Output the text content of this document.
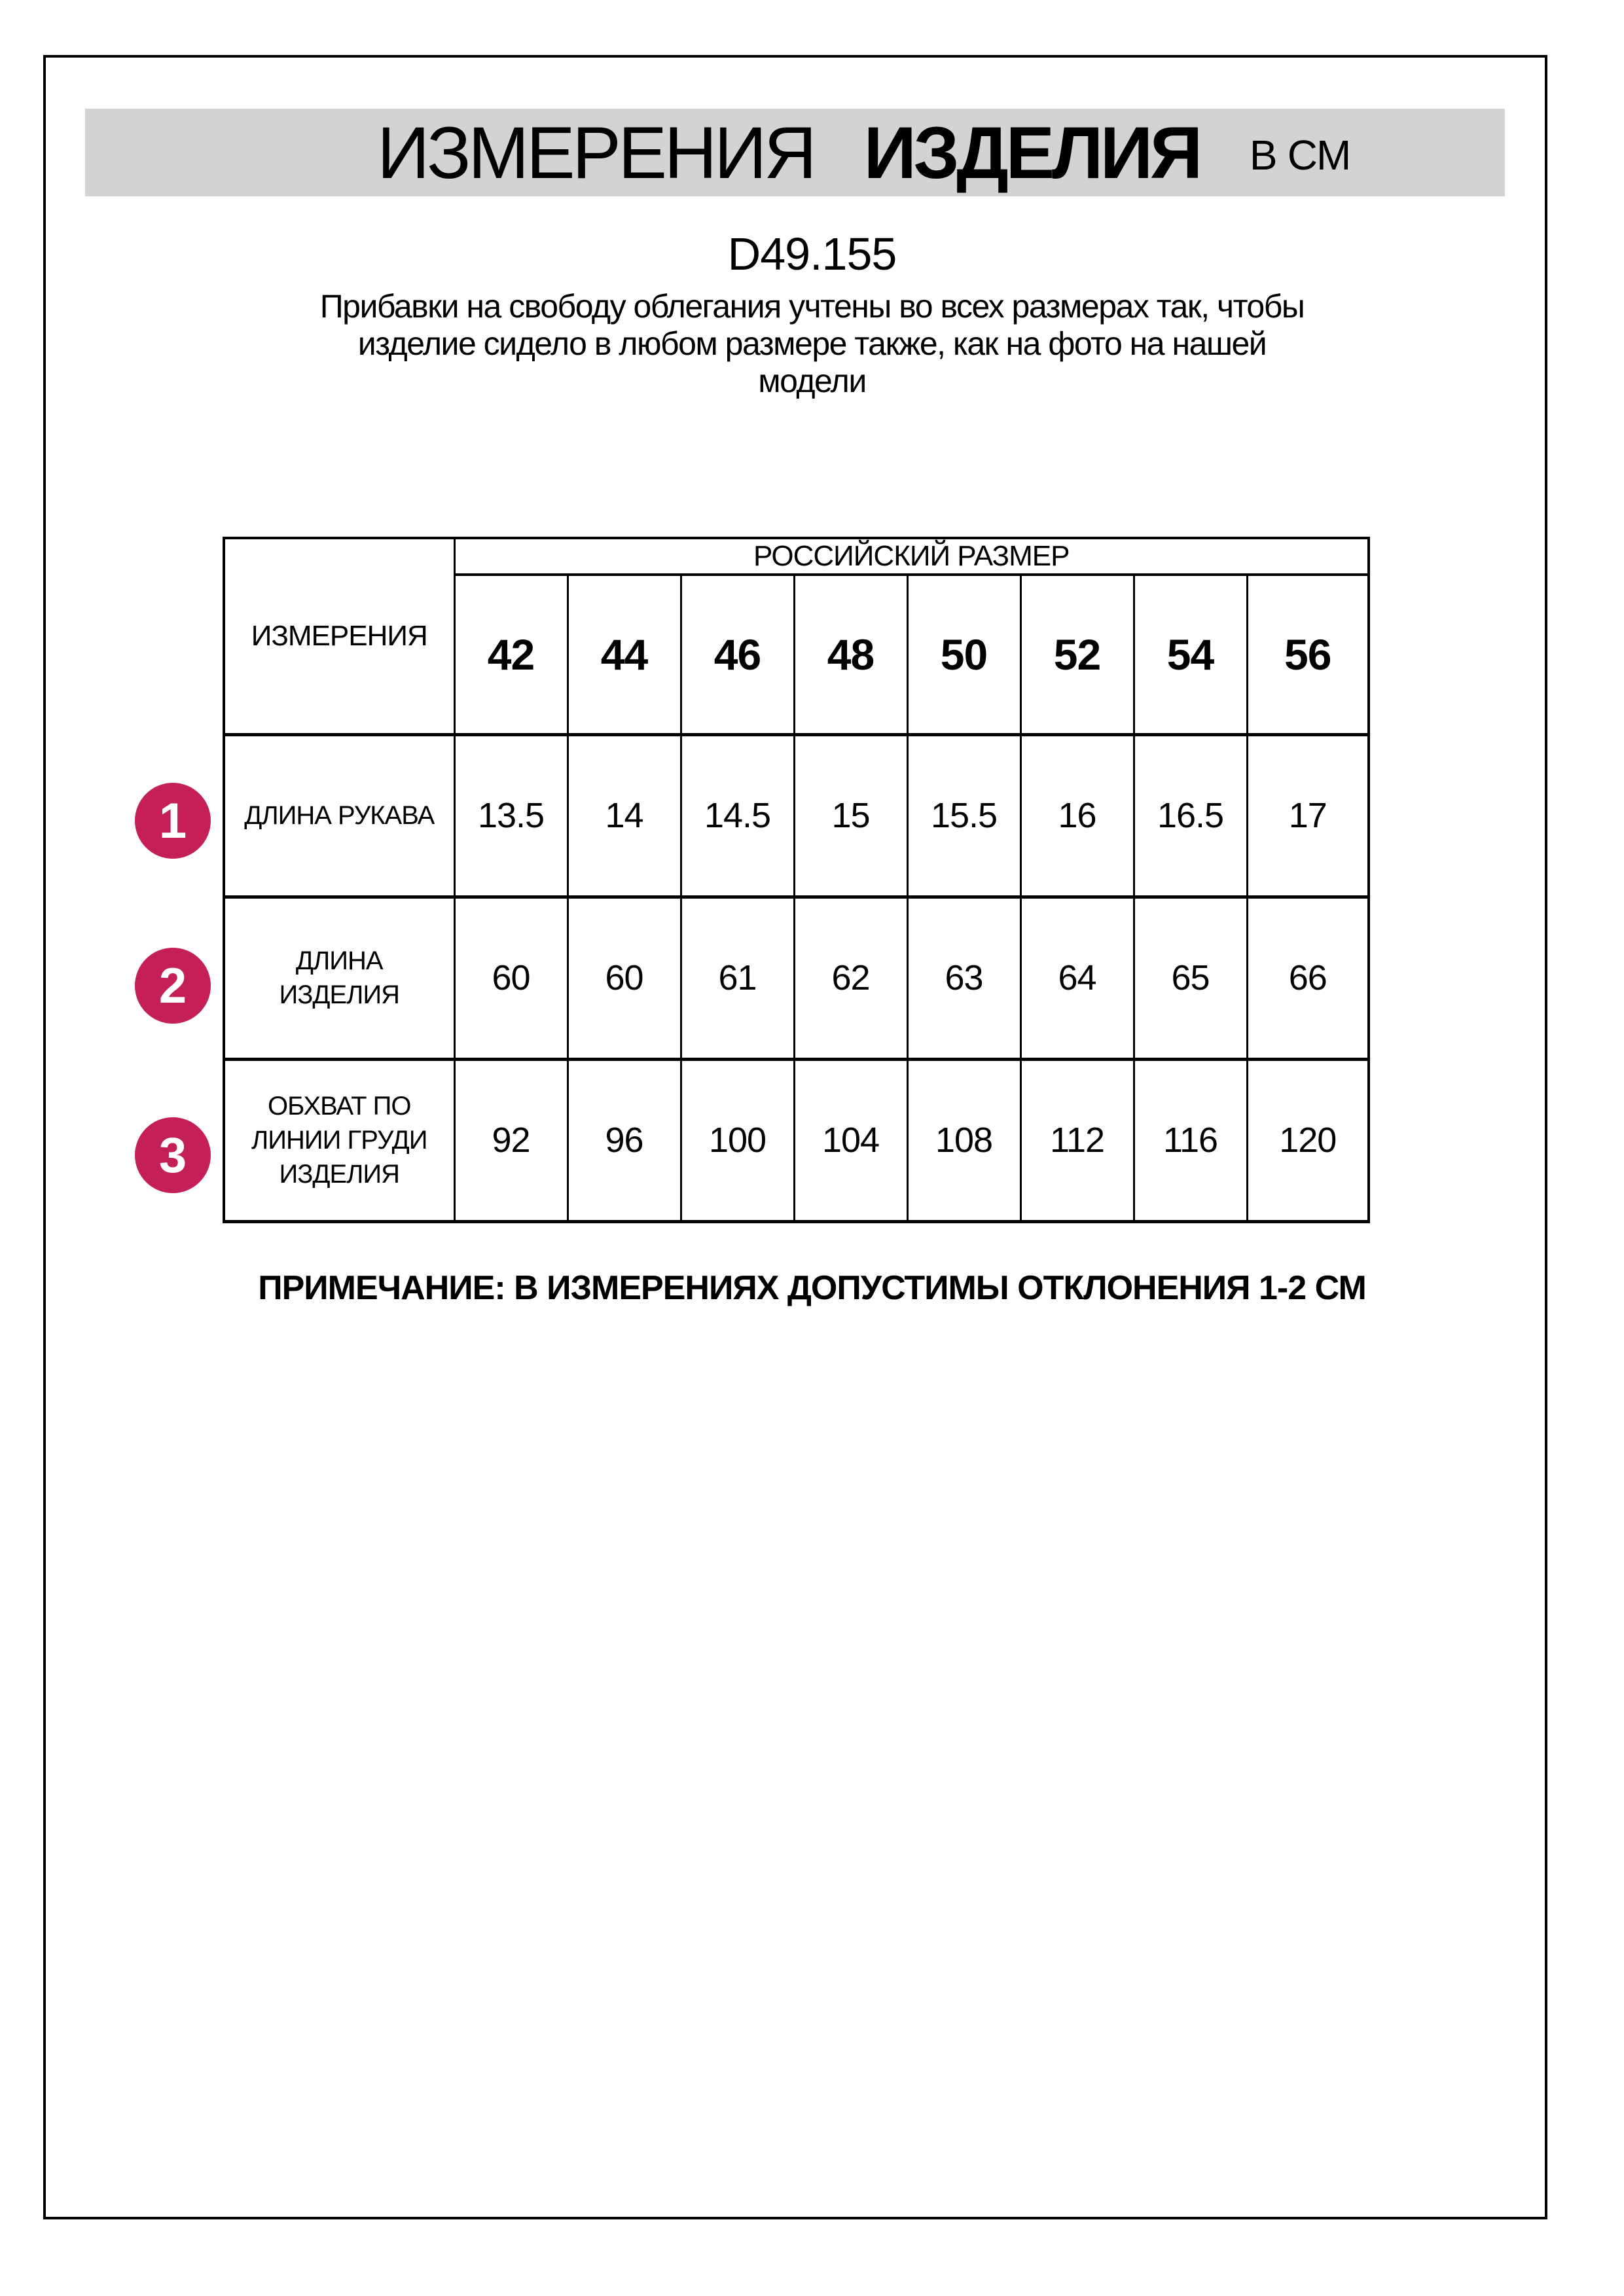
ИЗМЕРЕНИЯ ИЗДЕЛИЯ В СМ
D49.155
Прибавки на свободу облегания учтены во всех размерах так, чтобы
изделие сидело в любом размере также, как на фото на нашей
модели
ИЗМЕРЕНИЯ	РОССИЙСКИЙ РАЗМЕР							
	42	44	46	48	50	52	54	56

ДЛИНА РУКАВА	13.5	14	14.5	15	15.5	16	16.5	17

ДЛИНА
ИЗДЕЛИЯ	60	60	61	62	63	64	65	66

ОБХВАТ ПО
ЛИНИИ ГРУДИ
ИЗДЕЛИЯ	92	96	100	104	108	112	116	120
1
2
3
ПРИМЕЧАНИЕ: В ИЗМЕРЕНИЯХ ДОПУСТИМЫ ОТКЛОНЕНИЯ 1-2 СМ
